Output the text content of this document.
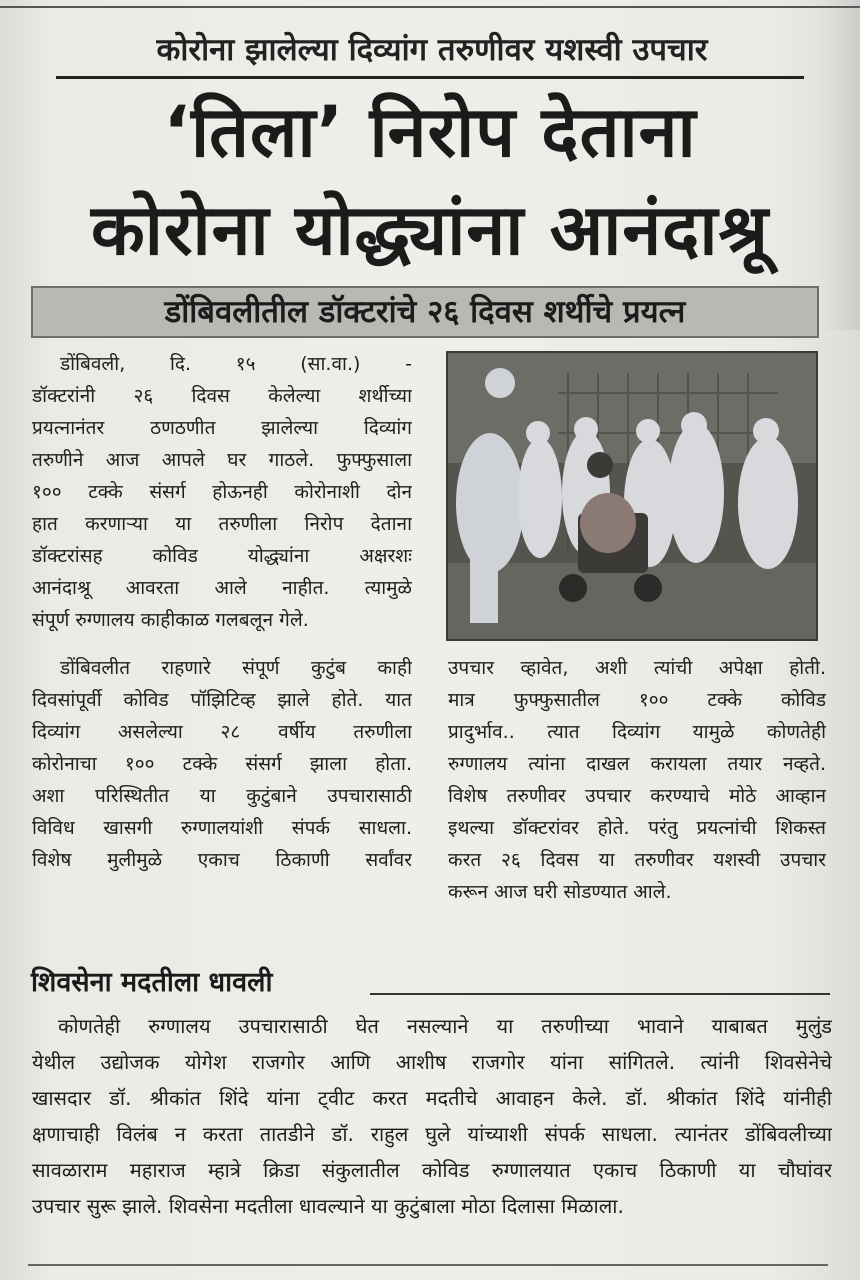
कोरोना झालेल्या दिव्यांग तरुणीवर यशस्वी उपचार
‘तिला’ निरोप देताना
कोरोना योद्ध्यांना आनंदाश्रू
डोंबिवलीतील डॉक्टरांचे २६ दिवस शर्थीचे प्रयत्न
डोंबिवली, दि. १५ (सा.वा.) -
डॉक्टरांनी २६ दिवस केलेल्या शर्थीच्या
प्रयत्नानंतर ठणठणीत झालेल्या दिव्यांग
तरुणीने आज आपले घर गाठले. फुफ्फुसाला
१०० टक्के संसर्ग होऊनही कोरोनाशी दोन
हात करणाऱ्या या तरुणीला निरोप देताना
डॉक्टरांसह कोविड योद्ध्यांना अक्षरशः
आनंदाश्रू आवरता आले नाहीत. त्यामुळे
संपूर्ण रुग्णालय काहीकाळ गलबलून गेले.
डोंबिवलीत राहणारे संपूर्ण कुटुंब काही
दिवसांपूर्वी कोविड पॉझिटिव्ह झाले होते. यात
दिव्यांग असलेल्या २८ वर्षीय तरुणीला
कोरोनाचा १०० टक्के संसर्ग झाला होता.
अशा परिस्थितीत या कुटुंबाने उपचारासाठी
विविध खासगी रुग्णालयांशी संपर्क साधला.
विशेष मुलीमुळे एकाच ठिकाणी सर्वांवर
उपचार व्हावेत, अशी त्यांची अपेक्षा होती.
मात्र फुफ्फुसातील १०० टक्के कोविड
प्रादुर्भाव.. त्यात दिव्यांग यामुळे कोणतेही
रुग्णालय त्यांना दाखल करायला तयार नव्हते.
विशेष तरुणीवर उपचार करण्याचे मोठे आव्हान
इथल्या डॉक्टरांवर होते. परंतु प्रयत्नांची शिकस्त
करत २६ दिवस या तरुणीवर यशस्वी उपचार
करून आज घरी सोडण्यात आले.
शिवसेना मदतीला धावली
कोणतेही रुग्णालय उपचारासाठी घेत नसल्याने या तरुणीच्या भावाने याबाबत मुलुंड
येथील उद्योजक योगेश राजगोर आणि आशीष राजगोर यांना सांगितले. त्यांनी शिवसेनेचे
खासदार डॉ. श्रीकांत शिंदे यांना ट्वीट करत मदतीचे आवाहन केले. डॉ. श्रीकांत शिंदे यांनीही
क्षणाचाही विलंब न करता तातडीने डॉ. राहुल घुले यांच्याशी संपर्क साधला. त्यानंतर डोंबिवलीच्या
सावळाराम महाराज म्हात्रे क्रिडा संकुलातील कोविड रुग्णालयात एकाच ठिकाणी या चौघांवर
उपचार सुरू झाले. शिवसेना मदतीला धावल्याने या कुटुंबाला मोठा दिलासा मिळाला.
